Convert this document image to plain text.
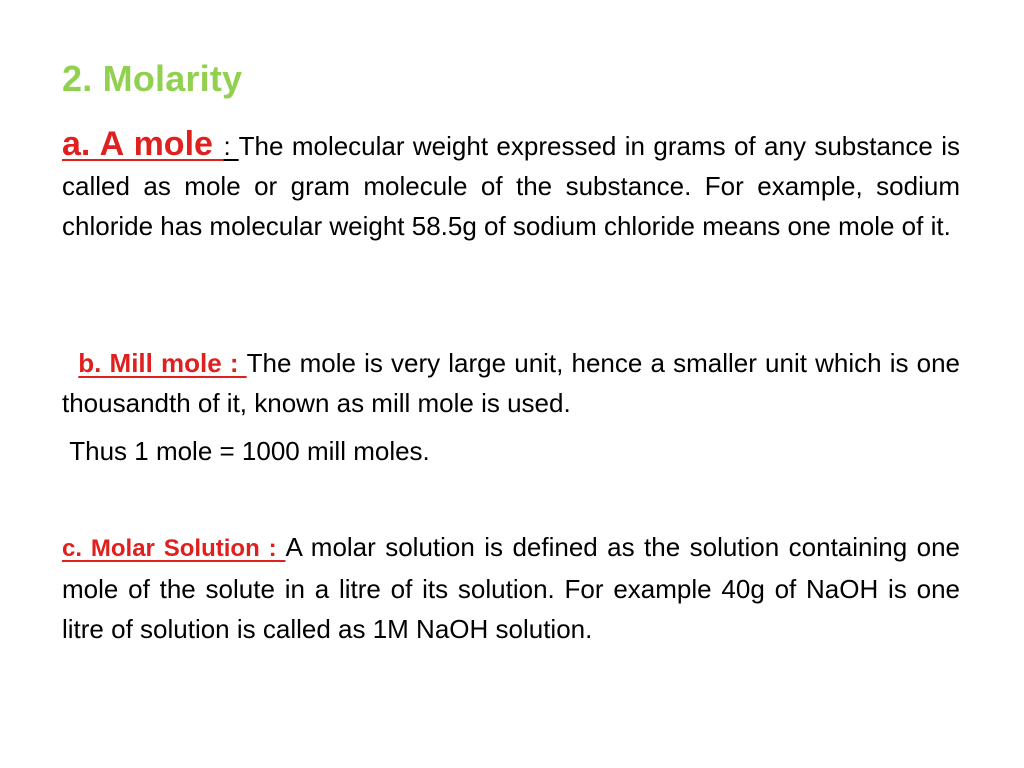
2. Molarity

a. A mole : The molecular weight expressed in grams of any substance is called as mole or gram molecule of the substance. For example, sodium chloride has molecular weight 58.5g of sodium chloride means one mole of it.

b. Mill mole : The mole is very large unit, hence a smaller unit which is one thousandth of it, known as mill mole is used.

Thus 1 mole = 1000 mill moles.

c. Molar Solution : A molar solution is defined as the solution containing one mole of the solute in a litre of its solution. For example 40g of NaOH is one litre of solution is called as 1M NaOH solution.
